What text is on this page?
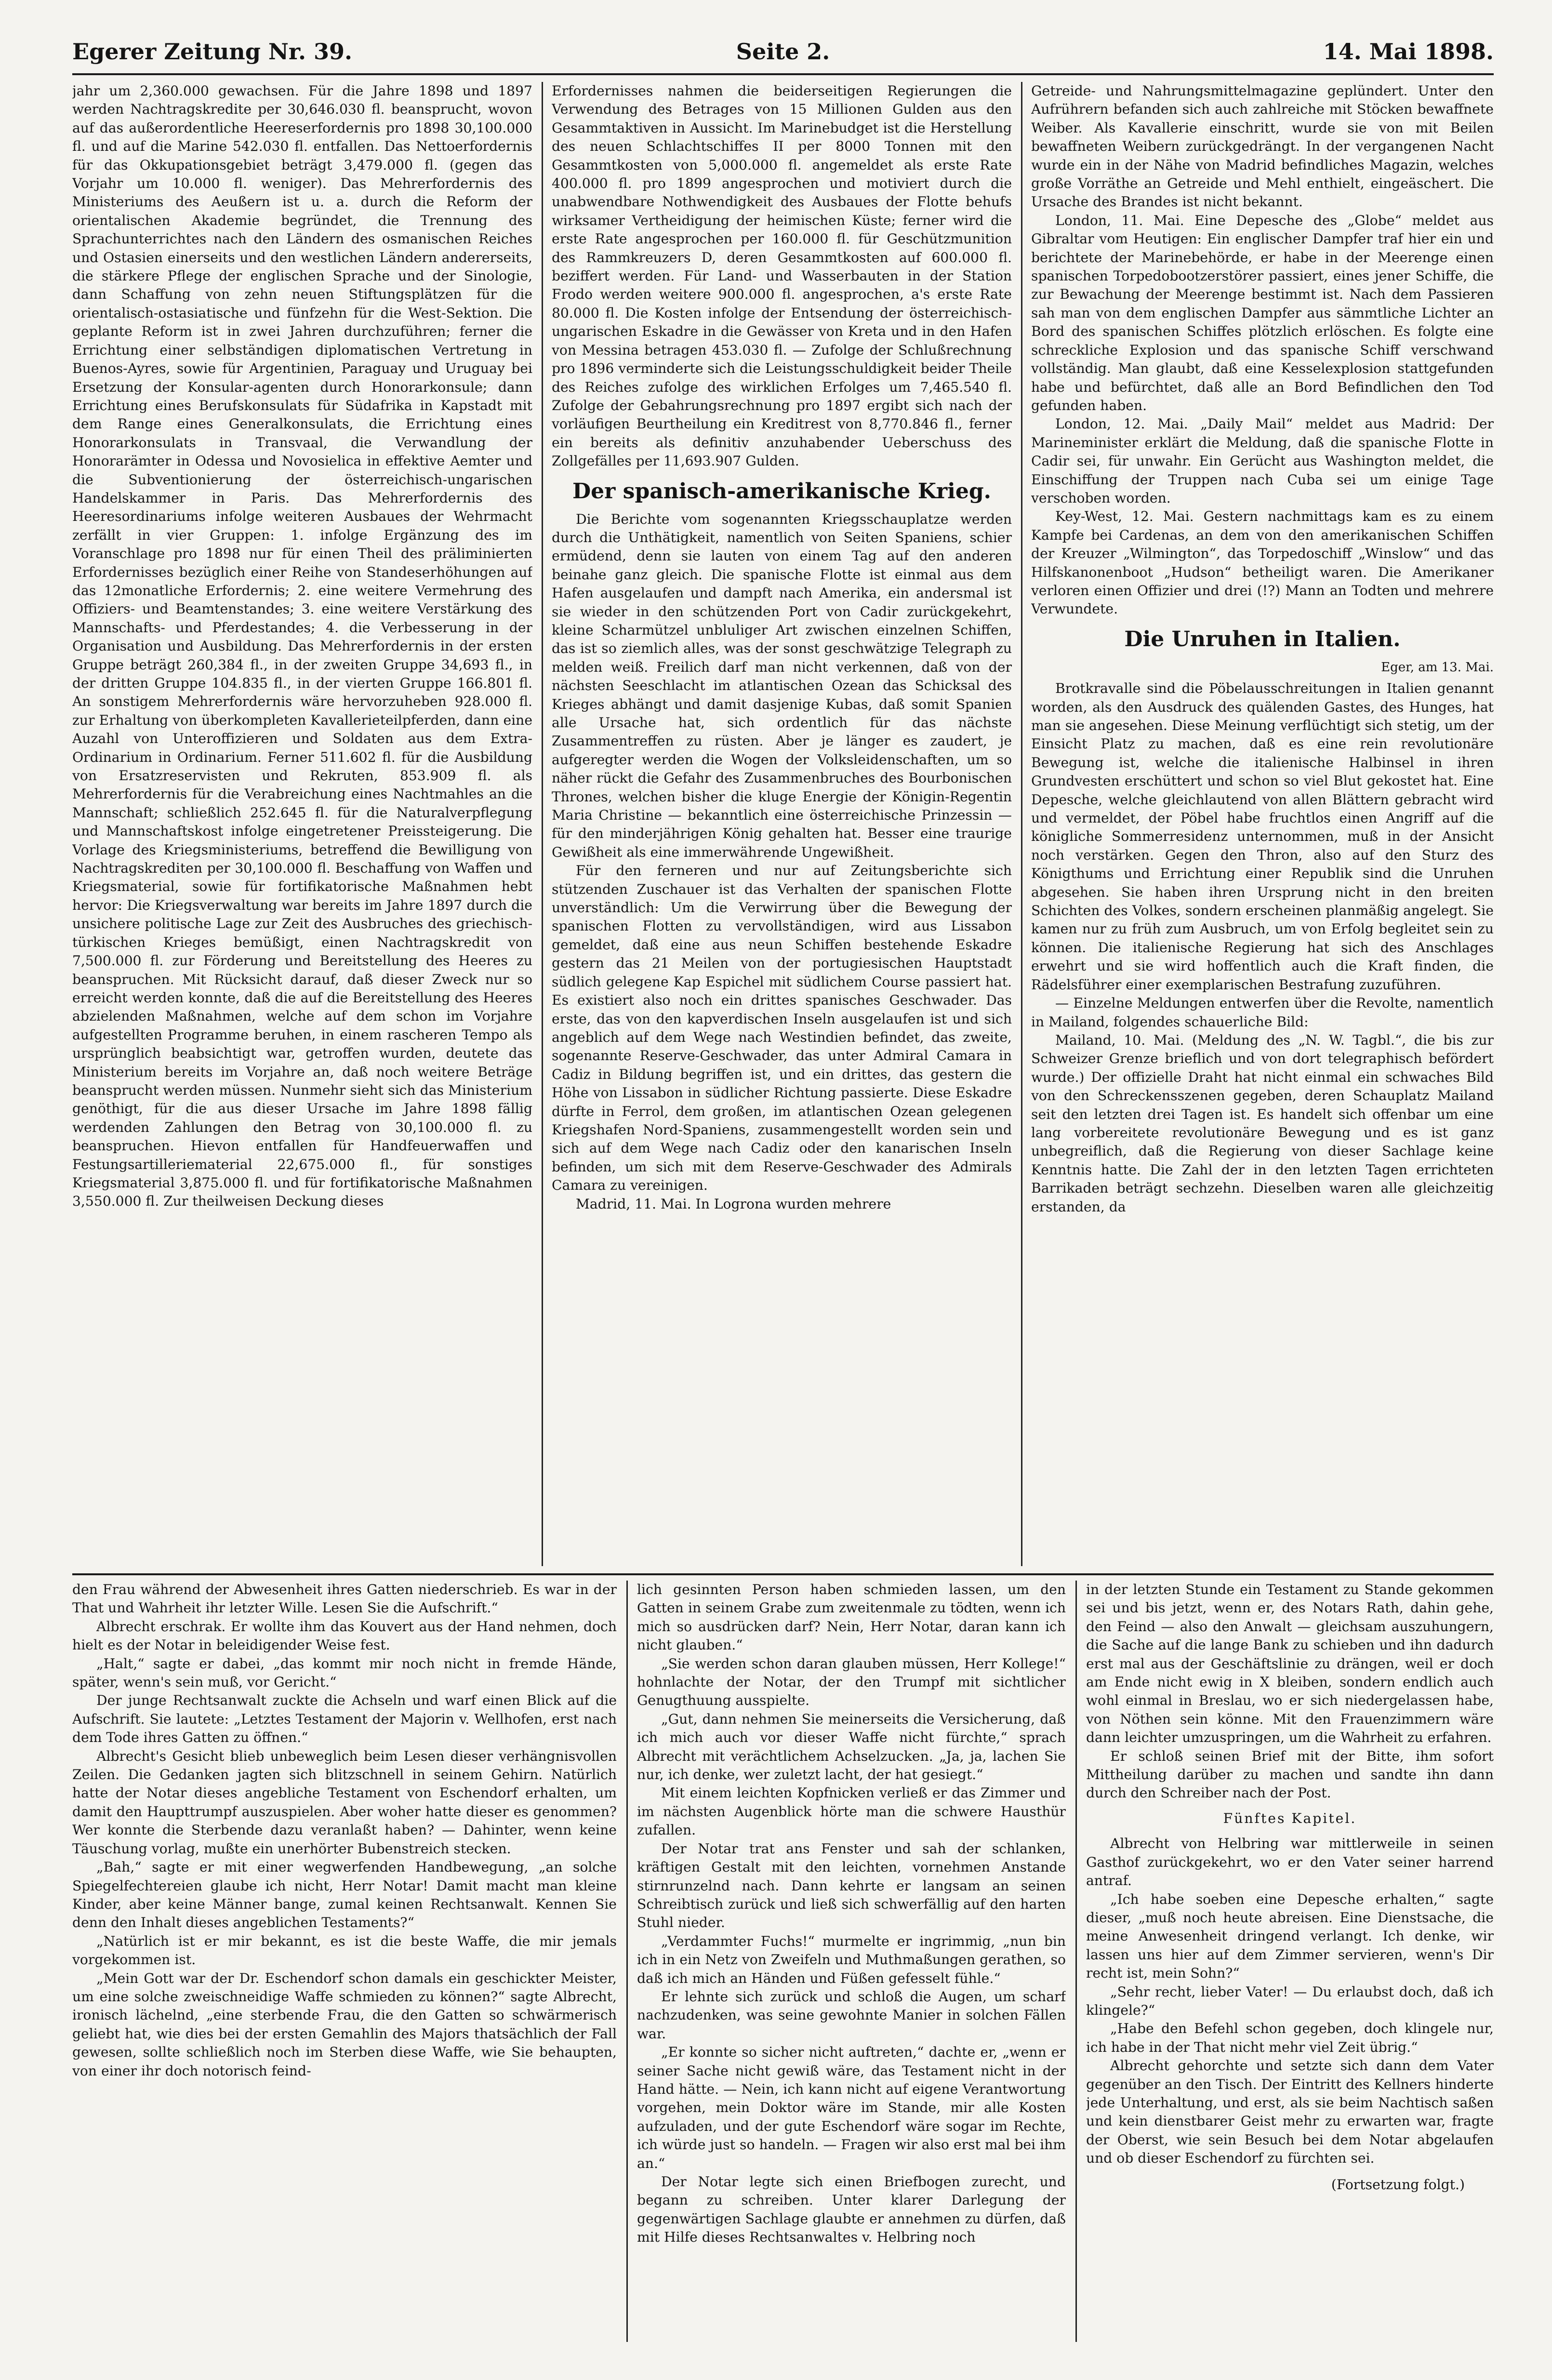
Egerer Zeitung Nr. 39.	Seite 2.	14. Mai 1898.

jahr um 2,360.000 gewachsen. Für die Jahre 1898 und 1897 werden Nachtragskredite per 30,646.030 fl. beansprucht, wovon auf das außerordentliche Heereserfordernis pro 1898 30,100.000 fl. und auf die Marine 542.030 fl. entfallen. Das Nettoerfordernis für das Okkupationsgebiet beträgt 3,479.000 fl. (gegen das Vorjahr um 10.000 fl. weniger). Das Mehrerfordernis des Ministeriums des Aeußern ist u. a. durch die Reform der orientalischen Akademie begründet, die Trennung des Sprachunterrichtes nach den Ländern des osmanischen Reiches und Ostasien einerseits und den westlichen Ländern andererseits, die stärkere Pflege der englischen Sprache und der Sinologie, dann Schaffung von zehn neuen Stiftungsplätzen für die orientalisch-ostasiatische und fünfzehn für die West-Sektion. Die geplante Reform ist in zwei Jahren durchzuführen; ferner die Errichtung einer selbständigen diplomatischen Vertretung in Buenos-Ayres, sowie für Argentinien, Paraguay und Uruguay bei Ersetzung der Konsular-agenten durch Honorarkonsule; dann Errichtung eines Berufskonsulats für Südafrika in Kapstadt mit dem Range eines Generalkonsulats, die Errichtung eines Honorarkonsulats in Transvaal, die Verwandlung der Honorarämter in Odessa und Novosielica in effektive Aemter und die Subventionierung der österreichisch-ungarischen Handelskammer in Paris. Das Mehrerfordernis des Heeresordinariums infolge weiteren Ausbaues der Wehrmacht zerfällt in vier Gruppen: 1. infolge Ergänzung des im Voranschlage pro 1898 nur für einen Theil des präliminierten Erfordernisses bezüglich einer Reihe von Standeserhöhungen auf das 12monatliche Erfordernis; 2. eine weitere Vermehrung des Offiziers- und Beamtenstandes; 3. eine weitere Verstärkung des Mannschafts- und Pferdestandes; 4. die Verbesserung in der Organisation und Ausbildung. Das Mehrerfordernis in der ersten Gruppe beträgt 260,384 fl., in der zweiten Gruppe 34,693 fl., in der dritten Gruppe 104.835 fl., in der vierten Gruppe 166.801 fl. An sonstigem Mehrerfordernis wäre hervorzuheben 928.000 fl. zur Erhaltung von überkompleten Kavallerieteilpferden, dann eine Auzahl von Unteroffizieren und Soldaten aus dem Extra-Ordinarium in Ordinarium. Ferner 511.602 fl. für die Ausbildung von Ersatzreservisten und Rekruten, 853.909 fl. als Mehrerfordernis für die Verabreichung eines Nachtmahles an die Mannschaft; schließlich 252.645 fl. für die Naturalverpflegung und Mannschaftskost infolge eingetretener Preissteigerung. Die Vorlage des Kriegsministeriums, betreffend die Bewilligung von Nachtragskrediten per 30,100.000 fl. Beschaffung von Waffen und Kriegsmaterial, sowie für fortifikatorische Maßnahmen hebt hervor: Die Kriegsverwaltung war bereits im Jahre 1897 durch die unsichere politische Lage zur Zeit des Ausbruches des griechisch-türkischen Krieges bemüßigt, einen Nachtragskredit von 7,500.000 fl. zur Förderung und Bereitstellung des Heeres zu beanspruchen. Mit Rücksicht darauf, daß dieser Zweck nur so erreicht werden konnte, daß die auf die Bereitstellung des Heeres abzielenden Maßnahmen, welche auf dem schon im Vorjahre aufgestellten Programme beruhen, in einem rascheren Tempo als ursprünglich beabsichtigt war, getroffen wurden, deutete das Ministerium bereits im Vorjahre an, daß noch weitere Beträge beansprucht werden müssen. Nunmehr sieht sich das Ministerium genöthigt, für die aus dieser Ursache im Jahre 1898 fällig werdenden Zahlungen den Betrag von 30,100.000 fl. zu beanspruchen. Hievon entfallen für Handfeuerwaffen und Festungsartilleriematerial 22,675.000 fl., für sonstiges Kriegsmaterial 3,875.000 fl. und für fortifikatorische Maßnahmen 3,550.000 fl. Zur theilweisen Deckung dieses

Erfordernisses nahmen die beiderseitigen Regierungen die Verwendung des Betrages von 15 Millionen Gulden aus den Gesammtaktiven in Aussicht. Im Marinebudget ist die Herstellung des neuen Schlachtschiffes II per 8000 Tonnen mit den Gesammtkosten von 5,000.000 fl. angemeldet als erste Rate 400.000 fl. pro 1899 angesprochen und motiviert durch die unabwendbare Nothwendigkeit des Ausbaues der Flotte behufs wirksamer Vertheidigung der heimischen Küste; ferner wird die erste Rate angesprochen per 160.000 fl. für Geschützmunition des Rammkreuzers D, deren Gesammtkosten auf 600.000 fl. beziffert werden. Für Land- und Wasserbauten in der Station Frodo werden weitere 900.000 fl. angesprochen, a's erste Rate 80.000 fl. Die Kosten infolge der Entsendung der österreichisch-ungarischen Eskadre in die Gewässer von Kreta und in den Hafen von Messina betragen 453.030 fl. — Zufolge der Schlußrechnung pro 1896 verminderte sich die Leistungsschuldigkeit beider Theile des Reiches zufolge des wirklichen Erfolges um 7,465.540 fl. Zufolge der Gebahrungsrechnung pro 1897 ergibt sich nach der vorläufigen Beurtheilung ein Kreditrest von 8,770.846 fl., ferner ein bereits als definitiv anzuhabender Ueberschuss des Zollgefälles per 11,693.907 Gulden.

Der spanisch-amerikanische Krieg.

Die Berichte vom sogenannten Kriegsschauplatze werden durch die Unthätigkeit, namentlich von Seiten Spaniens, schier ermüdend, denn sie lauten von einem Tag auf den anderen beinahe ganz gleich. Die spanische Flotte ist einmal aus dem Hafen ausgelaufen und dampft nach Amerika, ein andersmal ist sie wieder in den schützenden Port von Cadir zurückgekehrt, kleine Scharmützel unbluliger Art zwischen einzelnen Schiffen, das ist so ziemlich alles, was der sonst geschwätzige Telegraph zu melden weiß. Freilich darf man nicht verkennen, daß von der nächsten Seeschlacht im atlantischen Ozean das Schicksal des Krieges abhängt und damit dasjenige Kubas, daß somit Spanien alle Ursache hat, sich ordentlich für das nächste Zusammentreffen zu rüsten. Aber je länger es zaudert, je aufgeregter werden die Wogen der Volksleidenschaften, um so näher rückt die Gefahr des Zusammenbruches des Bourbonischen Thrones, welchen bisher die kluge Energie der Königin-Regentin Maria Christine — bekanntlich eine österreichische Prinzessin — für den minderjährigen König gehalten hat. Besser eine traurige Gewißheit als eine immerwährende Ungewißheit.

Für den ferneren und nur auf Zeitungsberichte sich stützenden Zuschauer ist das Verhalten der spanischen Flotte unverständlich: Um die Verwirrung über die Bewegung der spanischen Flotten zu vervollständigen, wird aus Lissabon gemeldet, daß eine aus neun Schiffen bestehende Eskadre gestern das 21 Meilen von der portugiesischen Hauptstadt südlich gelegene Kap Espichel mit südlichem Course passiert hat. Es existiert also noch ein drittes spanisches Geschwader. Das erste, das von den kapverdischen Inseln ausgelaufen ist und sich angeblich auf dem Wege nach Westindien befindet, das zweite, sogenannte Reserve-Geschwader, das unter Admiral Camara in Cadiz in Bildung begriffen ist, und ein drittes, das gestern die Höhe von Lissabon in südlicher Richtung passierte. Diese Eskadre dürfte in Ferrol, dem großen, im atlantischen Ozean gelegenen Kriegshafen Nord-Spaniens, zusammengestellt worden sein und sich auf dem Wege nach Cadiz oder den kanarischen Inseln befinden, um sich mit dem Reserve-Geschwader des Admirals Camara zu vereinigen.

Madrid, 11. Mai. In Logrona wurden mehrere

Getreide- und Nahrungsmittelmagazine geplündert. Unter den Aufrührern befanden sich auch zahlreiche mit Stöcken bewaffnete Weiber. Als Kavallerie einschritt, wurde sie von mit Beilen bewaffneten Weibern zurückgedrängt. In der vergangenen Nacht wurde ein in der Nähe von Madrid befindliches Magazin, welches große Vorräthe an Getreide und Mehl enthielt, eingeäschert. Die Ursache des Brandes ist nicht bekannt.

London, 11. Mai. Eine Depesche des „Globe“ meldet aus Gibraltar vom Heutigen: Ein englischer Dampfer traf hier ein und berichtete der Marinebehörde, er habe in der Meerenge einen spanischen Torpedobootzerstörer passiert, eines jener Schiffe, die zur Bewachung der Meerenge bestimmt ist. Nach dem Passieren sah man von dem englischen Dampfer aus sämmtliche Lichter an Bord des spanischen Schiffes plötzlich erlöschen. Es folgte eine schreckliche Explosion und das spanische Schiff verschwand vollständig. Man glaubt, daß eine Kesselexplosion stattgefunden habe und befürchtet, daß alle an Bord Befindlichen den Tod gefunden haben.

London, 12. Mai. „Daily Mail“ meldet aus Madrid: Der Marineminister erklärt die Meldung, daß die spanische Flotte in Cadir sei, für unwahr. Ein Gerücht aus Washington meldet, die Einschiffung der Truppen nach Cuba sei um einige Tage verschoben worden.

Key-West, 12. Mai. Gestern nachmittags kam es zu einem Kampfe bei Cardenas, an dem von den amerikanischen Schiffen der Kreuzer „Wilmington“, das Torpedoschiff „Winslow“ und das Hilfskanonenboot „Hudson“ betheiligt waren. Die Amerikaner verloren einen Offizier und drei (!?) Mann an Todten und mehrere Verwundete.

Die Unruhen in Italien.
Eger, am 13. Mai.

Brotkravalle sind die Pöbelausschreitungen in Italien genannt worden, als den Ausdruck des quälenden Gastes, des Hunges, hat man sie angesehen. Diese Meinung verflüchtigt sich stetig, um der Einsicht Platz zu machen, daß es eine rein revolutionäre Bewegung ist, welche die italienische Halbinsel in ihren Grundvesten erschüttert und schon so viel Blut gekostet hat. Eine Depesche, welche gleichlautend von allen Blättern gebracht wird und vermeldet, der Pöbel habe fruchtlos einen Angriff auf die königliche Sommerresidenz unternommen, muß in der Ansicht noch verstärken. Gegen den Thron, also auf den Sturz des Königthums und Errichtung einer Republik sind die Unruhen abgesehen. Sie haben ihren Ursprung nicht in den breiten Schichten des Volkes, sondern erscheinen planmäßig angelegt. Sie kamen nur zu früh zum Ausbruch, um von Erfolg begleitet sein zu können. Die italienische Regierung hat sich des Anschlages erwehrt und sie wird hoffentlich auch die Kraft finden, die Rädelsführer einer exemplarischen Bestrafung zuzuführen.

— Einzelne Meldungen entwerfen über die Revolte, namentlich in Mailand, folgendes schauerliche Bild:

Mailand, 10. Mai. (Meldung des „N. W. Tagbl.“, die bis zur Schweizer Grenze brieflich und von dort telegraphisch befördert wurde.) Der offizielle Draht hat nicht einmal ein schwaches Bild von den Schreckensszenen gegeben, deren Schauplatz Mailand seit den letzten drei Tagen ist. Es handelt sich offenbar um eine lang vorbereitete revolutionäre Bewegung und es ist ganz unbegreiflich, daß die Regierung von dieser Sachlage keine Kenntnis hatte. Die Zahl der in den letzten Tagen errichteten Barrikaden beträgt sechzehn. Dieselben waren alle gleichzeitig erstanden, da

den Frau während der Abwesenheit ihres Gatten niederschrieb. Es war in der That und Wahrheit ihr letzter Wille. Lesen Sie die Aufschrift.“

Albrecht erschrak. Er wollte ihm das Kouvert aus der Hand nehmen, doch hielt es der Notar in beleidigender Weise fest.

„Halt,“ sagte er dabei, „das kommt mir noch nicht in fremde Hände, später, wenn's sein muß, vor Gericht.“

Der junge Rechtsanwalt zuckte die Achseln und warf einen Blick auf die Aufschrift. Sie lautete: „Letztes Testament der Majorin v. Wellhofen, erst nach dem Tode ihres Gatten zu öffnen.“

Albrecht's Gesicht blieb unbeweglich beim Lesen dieser verhängnisvollen Zeilen. Die Gedanken jagten sich blitzschnell in seinem Gehirn. Natürlich hatte der Notar dieses angebliche Testament von Eschendorf erhalten, um damit den Haupttrumpf auszuspielen. Aber woher hatte dieser es genommen? Wer konnte die Sterbende dazu veranlaßt haben? — Dahinter, wenn keine Täuschung vorlag, mußte ein unerhörter Bubenstreich stecken.

„Bah,“ sagte er mit einer wegwerfenden Handbewegung, „an solche Spiegelfechtereien glaube ich nicht, Herr Notar! Damit macht man kleine Kinder, aber keine Männer bange, zumal keinen Rechtsanwalt. Kennen Sie denn den Inhalt dieses angeblichen Testaments?“

„Natürlich ist er mir bekannt, es ist die beste Waffe, die mir jemals vorgekommen ist.

„Mein Gott war der Dr. Eschendorf schon damals ein geschickter Meister, um eine solche zweischneidige Waffe schmieden zu können?“ sagte Albrecht, ironisch lächelnd, „eine sterbende Frau, die den Gatten so schwärmerisch geliebt hat, wie dies bei der ersten Gemahlin des Majors thatsächlich der Fall gewesen, sollte schließlich noch im Sterben diese Waffe, wie Sie behaupten, von einer ihr doch notorisch feind-

lich gesinnten Person haben schmieden lassen, um den Gatten in seinem Grabe zum zweitenmale zu tödten, wenn ich mich so ausdrücken darf? Nein, Herr Notar, daran kann ich nicht glauben.“

„Sie werden schon daran glauben müssen, Herr Kollege!“ hohnlachte der Notar, der den Trumpf mit sichtlicher Genugthuung ausspielte.

„Gut, dann nehmen Sie meinerseits die Versicherung, daß ich mich auch vor dieser Waffe nicht fürchte,“ sprach Albrecht mit verächtlichem Achselzucken. „Ja, ja, lachen Sie nur, ich denke, wer zuletzt lacht, der hat gesiegt.“

Mit einem leichten Kopfnicken verließ er das Zimmer und im nächsten Augenblick hörte man die schwere Hausthür zufallen.

Der Notar trat ans Fenster und sah der schlanken, kräftigen Gestalt mit den leichten, vornehmen Anstande stirnrunzelnd nach. Dann kehrte er langsam an seinen Schreibtisch zurück und ließ sich schwerfällig auf den harten Stuhl nieder.

„Verdammter Fuchs!“ murmelte er ingrimmig, „nun bin ich in ein Netz von Zweifeln und Muthmaßungen gerathen, so daß ich mich an Händen und Füßen gefesselt fühle.“

Er lehnte sich zurück und schloß die Augen, um scharf nachzudenken, was seine gewohnte Manier in solchen Fällen war.

„Er konnte so sicher nicht auftreten,“ dachte er, „wenn er seiner Sache nicht gewiß wäre, das Testament nicht in der Hand hätte. — Nein, ich kann nicht auf eigene Verantwortung vorgehen, mein Doktor wäre im Stande, mir alle Kosten aufzuladen, und der gute Eschendorf wäre sogar im Rechte, ich würde just so handeln. — Fragen wir also erst mal bei ihm an.“

Der Notar legte sich einen Briefbogen zurecht, und begann zu schreiben. Unter klarer Darlegung der gegenwärtigen Sachlage glaubte er annehmen zu dürfen, daß mit Hilfe dieses Rechtsanwaltes v. Helbring noch

in der letzten Stunde ein Testament zu Stande gekommen sei und bis jetzt, wenn er, des Notars Rath, dahin gehe, den Feind — also den Anwalt — gleichsam auszuhungern, die Sache auf die lange Bank zu schieben und ihn dadurch erst mal aus der Geschäftslinie zu drängen, weil er doch am Ende nicht ewig in X bleiben, sondern endlich auch wohl einmal in Breslau, wo er sich niedergelassen habe, von Nöthen sein könne. Mit den Frauenzimmern wäre dann leichter umzuspringen, um die Wahrheit zu erfahren.

Er schloß seinen Brief mit der Bitte, ihm sofort Mittheilung darüber zu machen und sandte ihn dann durch den Schreiber nach der Post.

Fünftes Kapitel.

Albrecht von Helbring war mittlerweile in seinen Gasthof zurückgekehrt, wo er den Vater seiner harrend antraf.

„Ich habe soeben eine Depesche erhalten,“ sagte dieser, „muß noch heute abreisen. Eine Dienstsache, die meine Anwesenheit dringend verlangt. Ich denke, wir lassen uns hier auf dem Zimmer servieren, wenn's Dir recht ist, mein Sohn?“

„Sehr recht, lieber Vater! — Du erlaubst doch, daß ich klingele?“

„Habe den Befehl schon gegeben, doch klingele nur, ich habe in der That nicht mehr viel Zeit übrig.“

Albrecht gehorchte und setzte sich dann dem Vater gegenüber an den Tisch. Der Eintritt des Kellners hinderte jede Unterhaltung, und erst, als sie beim Nachtisch saßen und kein dienstbarer Geist mehr zu erwarten war, fragte der Oberst, wie sein Besuch bei dem Notar abgelaufen und ob dieser Eschendorf zu fürchten sei.

(Fortsetzung folgt.)
